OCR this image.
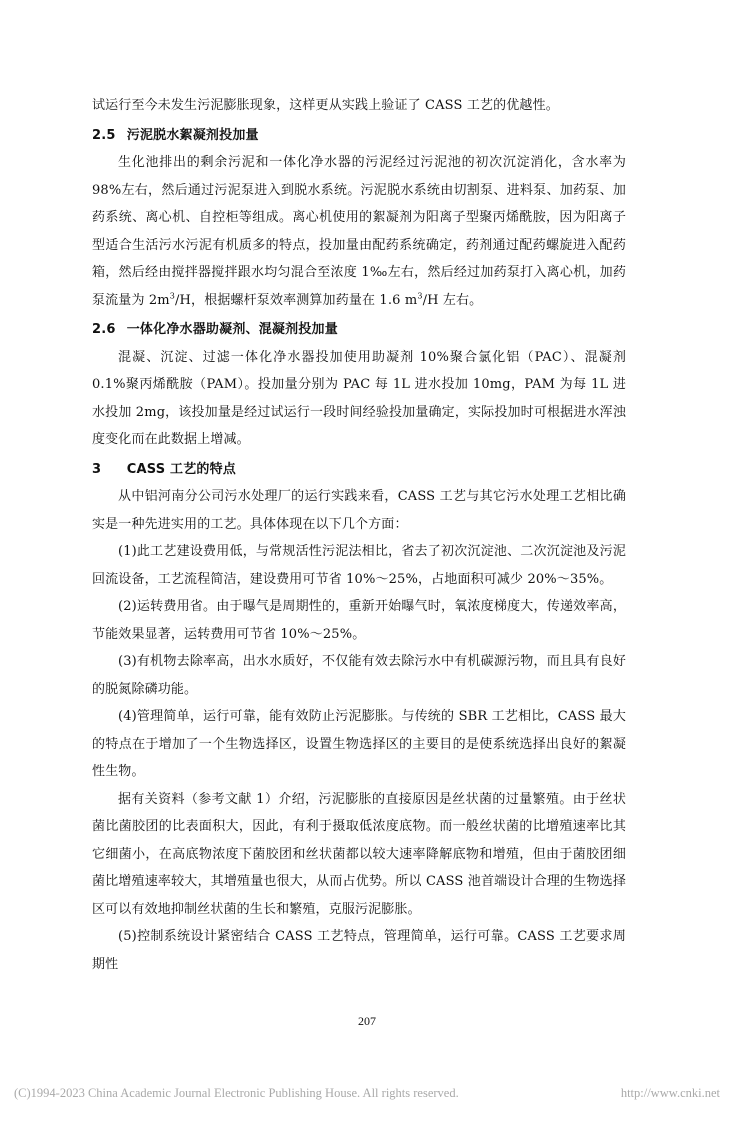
试运行至今未发生污泥膨胀现象，这样更从实践上验证了 CASS 工艺的优越性。

2.5 污泥脱水絮凝剂投加量

生化池排出的剩余污泥和一体化净水器的污泥经过污泥池的初次沉淀消化，含水率为 98%左右，然后通过污泥泵进入到脱水系统。污泥脱水系统由切割泵、进料泵、加药泵、加药系统、离心机、自控柜等组成。离心机使用的絮凝剂为阳离子型聚丙烯酰胺，因为阳离子型适合生活污水污泥有机质多的特点，投加量由配药系统确定，药剂通过配药螺旋进入配药箱，然后经由搅拌器搅拌跟水均匀混合至浓度 1‰左右，然后经过加药泵打入离心机，加药泵流量为 $2m^3/H$，根据螺杆泵效率测算加药量在 1.6 $m^3/H$ 左右。

2.6 一体化净水器助凝剂、混凝剂投加量

混凝、沉淀、过滤一体化净水器投加使用助凝剂 10%聚合氯化铝（PAC）、混凝剂 0.1%聚丙烯酰胺（PAM）。投加量分别为 PAC 每 1L 进水投加 10mg，PAM 为每 1L 进水投加 2mg，该投加量是经过试运行一段时间经验投加量确定，实际投加时可根据进水浑浊度变化而在此数据上增减。

3 CASS 工艺的特点

从中铝河南分公司污水处理厂的运行实践来看，CASS 工艺与其它污水处理工艺相比确实是一种先进实用的工艺。具体体现在以下几个方面：

(1)此工艺建设费用低，与常规活性污泥法相比，省去了初次沉淀池、二次沉淀池及污泥回流设备，工艺流程简洁，建设费用可节省 10%～25%，占地面积可减少 20%～35%。

(2)运转费用省。由于曝气是周期性的，重新开始曝气时，氧浓度梯度大，传递效率高，节能效果显著，运转费用可节省 10%～25%。

(3)有机物去除率高，出水水质好，不仅能有效去除污水中有机碳源污物，而且具有良好的脱氮除磷功能。

(4)管理简单，运行可靠，能有效防止污泥膨胀。与传统的 SBR 工艺相比，CASS 最大的特点在于增加了一个生物选择区，设置生物选择区的主要目的是使系统选择出良好的絮凝性生物。

据有关资料（参考文献 1）介绍，污泥膨胀的直接原因是丝状菌的过量繁殖。由于丝状菌比菌胶团的比表面积大，因此，有利于摄取低浓度底物。而一般丝状菌的比增殖速率比其它细菌小，在高底物浓度下菌胶团和丝状菌都以较大速率降解底物和增殖，但由于菌胶团细菌比增殖速率较大，其增殖量也很大，从而占优势。所以 CASS 池首端设计合理的生物选择区可以有效地抑制丝状菌的生长和繁殖，克服污泥膨胀。

(5)控制系统设计紧密结合 CASS 工艺特点，管理简单，运行可靠。CASS 工艺要求周期性

207
(C)1994-2023 China Academic Journal Electronic Publishing House. All rights reserved.	http://www.cnki.net
